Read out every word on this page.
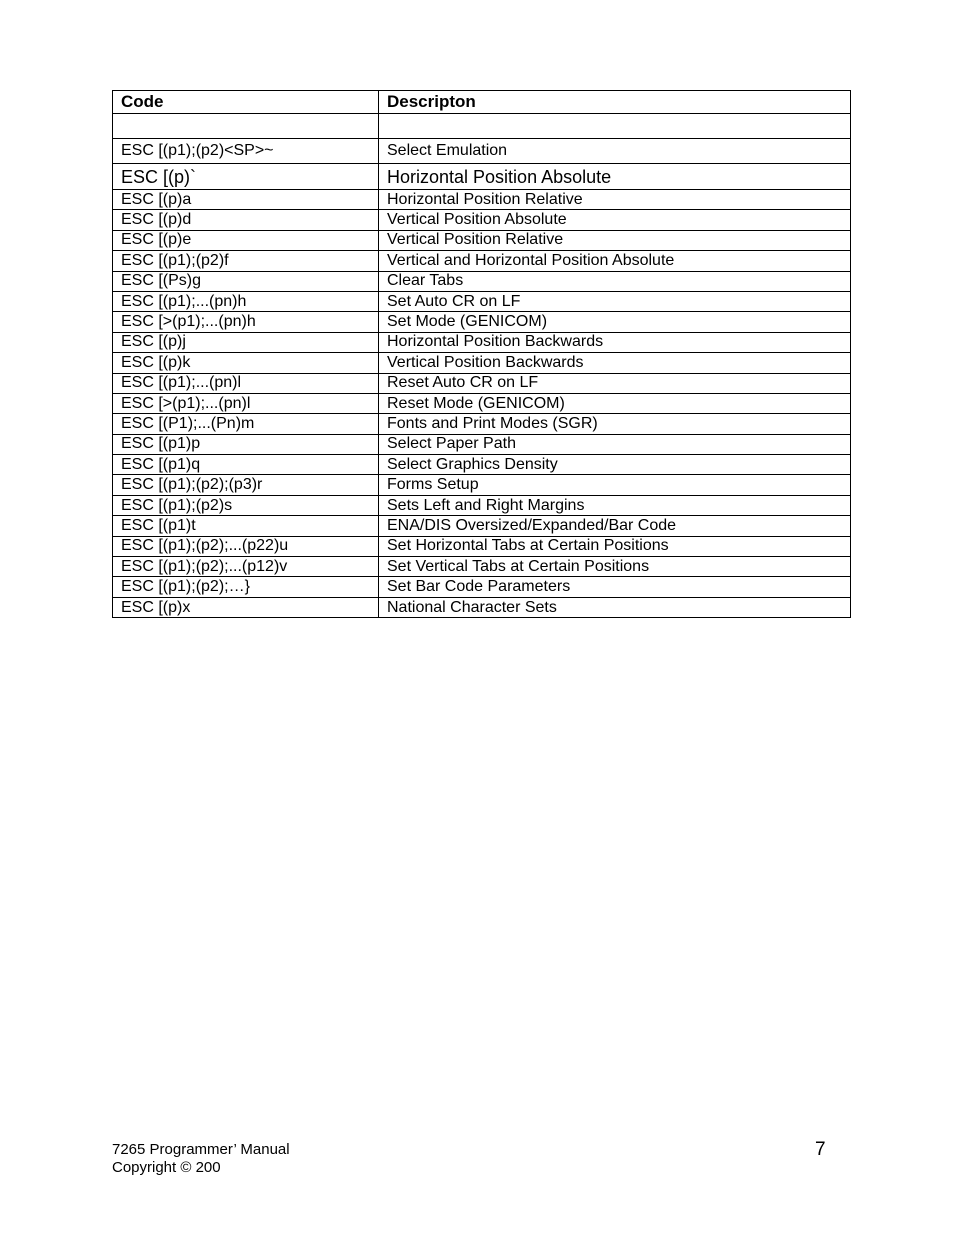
Code	Descripton

ESC [(p1);(p2)<SP>~	Select Emulation
ESC [(p)`	Horizontal Position Absolute
ESC [(p)a	Horizontal Position Relative
ESC [(p)d	Vertical Position Absolute
ESC [(p)e	Vertical Position Relative
ESC [(p1);(p2)f	Vertical and Horizontal Position Absolute
ESC [(Ps)g	Clear Tabs
ESC [(p1);...(pn)h	Set Auto CR on LF
ESC [>(p1);...(pn)h	Set Mode (GENICOM)
ESC [(p)j	Horizontal Position Backwards
ESC [(p)k	Vertical Position Backwards
ESC [(p1);...(pn)l	Reset Auto CR on LF
ESC [>(p1);...(pn)l	Reset Mode (GENICOM)
ESC [(P1);...(Pn)m	Fonts and Print Modes (SGR)
ESC [(p1)p	Select Paper Path
ESC [(p1)q	Select Graphics Density
ESC [(p1);(p2);(p3)r	Forms Setup
ESC [(p1);(p2)s	Sets Left and Right Margins
ESC [(p1)t	ENA/DIS Oversized/Expanded/Bar Code
ESC [(p1);(p2);...(p22)u	Set Horizontal Tabs at Certain Positions
ESC [(p1);(p2);...(p12)v	Set Vertical Tabs at Certain Positions
ESC [(p1);(p2);…}	Set Bar Code Parameters
ESC [(p)x	National Character Sets
7265 Programmer’ Manual
Copyright © 200
7
